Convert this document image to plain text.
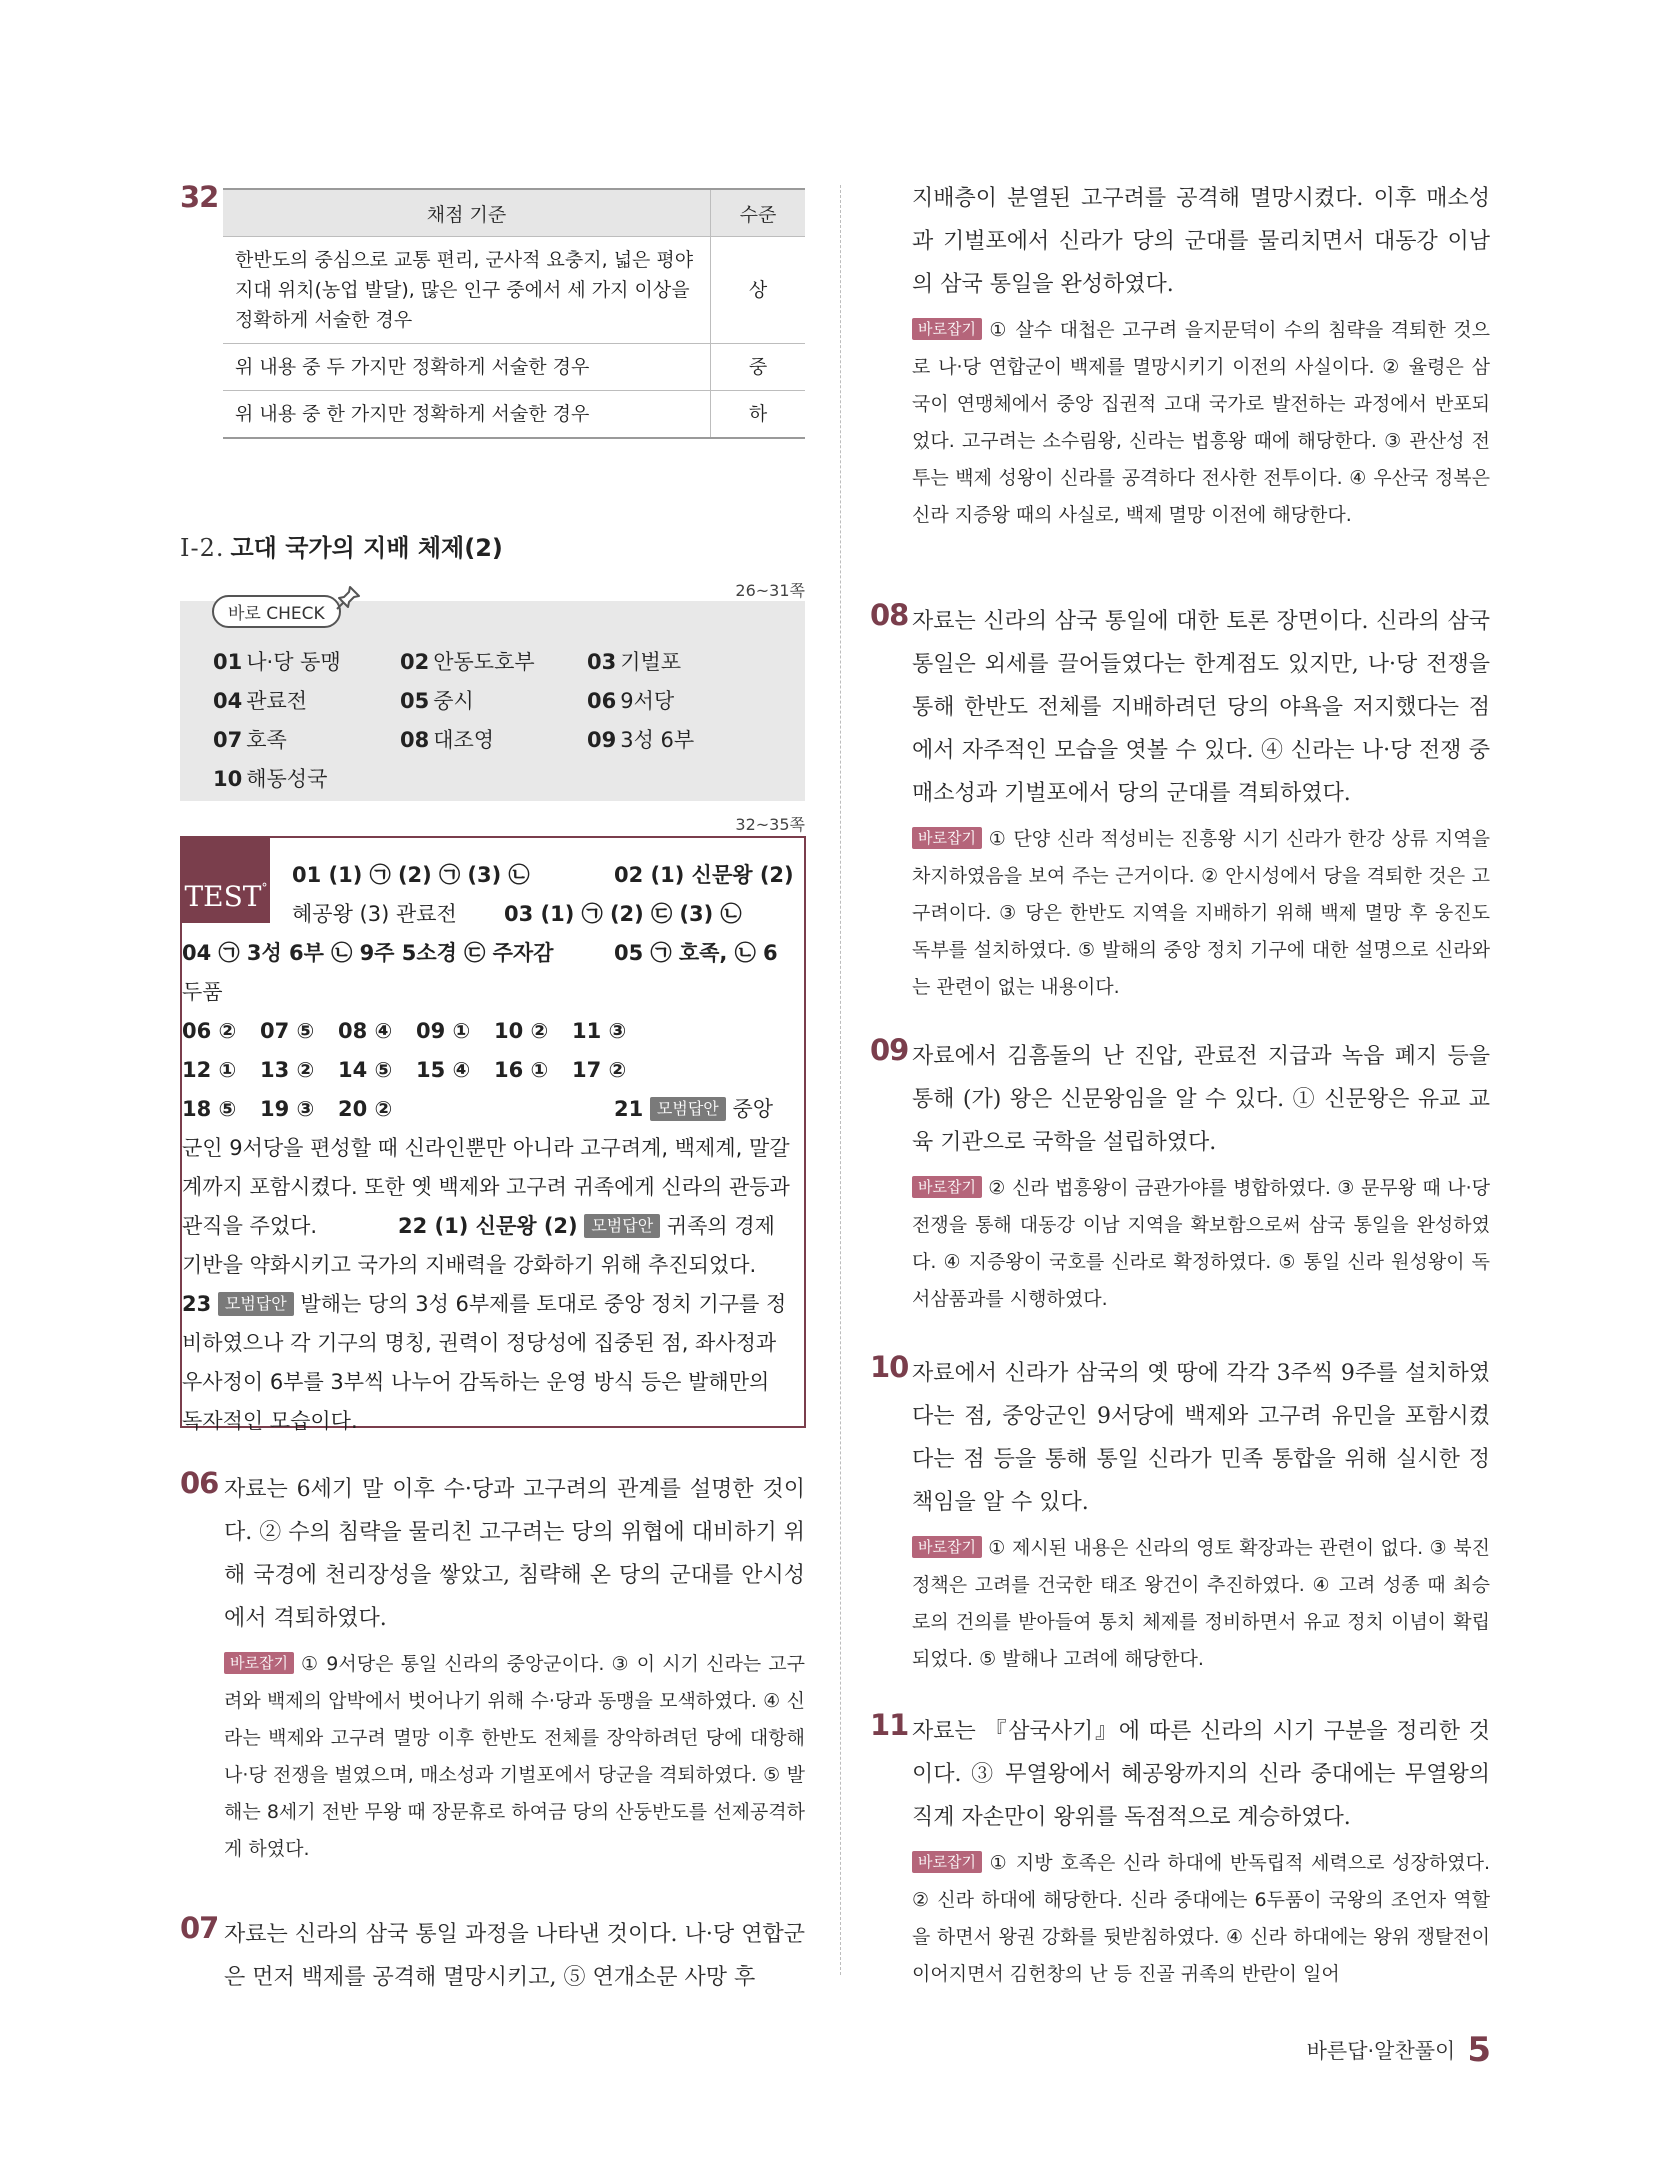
32
채점 기준	수준
한반도의 중심으로 교통 편리, 군사적 요충지, 넓은 평야 지대 위치(농업 발달), 많은 인구 중에서 세 가지 이상을 정확하게 서술한 경우	상
위 내용 중 두 가지만 정확하게 서술한 경우	중
위 내용 중 한 가지만 정확하게 서술한 경우	하
Ⅰ-2. 고대 국가의 지배 체제(2)
26~31쪽
바로 CHECK
01 나·당 동맹	02 안동도호부	03 기벌포
04 관료전	05 중시	06 9서당
07 호족	08 대조영	09 3성 6부
10 해동성국
32~35쪽
TEST°
01 (1) ㉠ (2) ㉠ (3) ㉡	02 (1) 신문왕 (2)
혜공왕 (3) 관료전 03 (1) ㉠ (2) ㉢ (3) ㉡
04 ㉠ 3성 6부 ㉡ 9주 5소경 ㉢ 주자감	05 ㉠ 호족, ㉡ 6
두품
06 ② 07 ⑤ 08 ④ 09 ① 10 ② 11 ③
12 ① 13 ② 14 ⑤ 15 ④ 16 ① 17 ②
18 ⑤ 19 ③ 20 ②	21 모범답안 중앙
군인 9서당을 편성할 때 신라인뿐만 아니라 고구려계, 백제계, 말갈
계까지 포함시켰다. 또한 옛 백제와 고구려 귀족에게 신라의 관등과
관직을 주었다.	22 (1) 신문왕 (2) 모범답안 귀족의 경제
기반을 약화시키고 국가의 지배력을 강화하기 위해 추진되었다.
23 모범답안 발해는 당의 3성 6부제를 토대로 중앙 정치 기구를 정
비하였으나 각 기구의 명칭, 권력이 정당성에 집중된 점, 좌사정과
우사정이 6부를 3부씩 나누어 감독하는 운영 방식 등은 발해만의
독자적인 모습이다.
06 자료는 6세기 말 이후 수·당과 고구려의 관계를 설명한 것이다. ② 수의 침략을 물리친 고구려는 당의 위협에 대비하기 위해 국경에 천리장성을 쌓았고, 침략해 온 당의 군대를 안시성에서 격퇴하였다.
바로잡기 ① 9서당은 통일 신라의 중앙군이다. ③ 이 시기 신라는 고구려와 백제의 압박에서 벗어나기 위해 수·당과 동맹을 모색하였다. ④ 신라는 백제와 고구려 멸망 이후 한반도 전체를 장악하려던 당에 대항해 나·당 전쟁을 벌였으며, 매소성과 기벌포에서 당군을 격퇴하였다. ⑤ 발해는 8세기 전반 무왕 때 장문휴로 하여금 당의 산둥반도를 선제공격하게 하였다.
07 자료는 신라의 삼국 통일 과정을 나타낸 것이다. 나·당 연합군은 먼저 백제를 공격해 멸망시키고, ⑤ 연개소문 사망 후
지배층이 분열된 고구려를 공격해 멸망시켰다. 이후 매소성과 기벌포에서 신라가 당의 군대를 물리치면서 대동강 이남의 삼국 통일을 완성하였다.
바로잡기 ① 살수 대첩은 고구려 을지문덕이 수의 침략을 격퇴한 것으로 나·당 연합군이 백제를 멸망시키기 이전의 사실이다. ② 율령은 삼국이 연맹체에서 중앙 집권적 고대 국가로 발전하는 과정에서 반포되었다. 고구려는 소수림왕, 신라는 법흥왕 때에 해당한다. ③ 관산성 전투는 백제 성왕이 신라를 공격하다 전사한 전투이다. ④ 우산국 정복은 신라 지증왕 때의 사실로, 백제 멸망 이전에 해당한다.
08 자료는 신라의 삼국 통일에 대한 토론 장면이다. 신라의 삼국 통일은 외세를 끌어들였다는 한계점도 있지만, 나·당 전쟁을 통해 한반도 전체를 지배하려던 당의 야욕을 저지했다는 점에서 자주적인 모습을 엿볼 수 있다. ④ 신라는 나·당 전쟁 중 매소성과 기벌포에서 당의 군대를 격퇴하였다.
바로잡기 ① 단양 신라 적성비는 진흥왕 시기 신라가 한강 상류 지역을 차지하였음을 보여 주는 근거이다. ② 안시성에서 당을 격퇴한 것은 고구려이다. ③ 당은 한반도 지역을 지배하기 위해 백제 멸망 후 웅진도독부를 설치하였다. ⑤ 발해의 중앙 정치 기구에 대한 설명으로 신라와는 관련이 없는 내용이다.
09 자료에서 김흠돌의 난 진압, 관료전 지급과 녹읍 폐지 등을 통해 (가) 왕은 신문왕임을 알 수 있다. ① 신문왕은 유교 교육 기관으로 국학을 설립하였다.
바로잡기 ② 신라 법흥왕이 금관가야를 병합하였다. ③ 문무왕 때 나·당 전쟁을 통해 대동강 이남 지역을 확보함으로써 삼국 통일을 완성하였다. ④ 지증왕이 국호를 신라로 확정하였다. ⑤ 통일 신라 원성왕이 독서삼품과를 시행하였다.
10 자료에서 신라가 삼국의 옛 땅에 각각 3주씩 9주를 설치하였다는 점, 중앙군인 9서당에 백제와 고구려 유민을 포함시켰다는 점 등을 통해 통일 신라가 민족 통합을 위해 실시한 정책임을 알 수 있다.
바로잡기 ① 제시된 내용은 신라의 영토 확장과는 관련이 없다. ③ 북진 정책은 고려를 건국한 태조 왕건이 추진하였다. ④ 고려 성종 때 최승로의 건의를 받아들여 통치 체제를 정비하면서 유교 정치 이념이 확립되었다. ⑤ 발해나 고려에 해당한다.
11 자료는 『삼국사기』에 따른 신라의 시기 구분을 정리한 것이다. ③ 무열왕에서 혜공왕까지의 신라 중대에는 무열왕의 직계 자손만이 왕위를 독점적으로 계승하였다.
바로잡기 ① 지방 호족은 신라 하대에 반독립적 세력으로 성장하였다. ② 신라 하대에 해당한다. 신라 중대에는 6두품이 국왕의 조언자 역할을 하면서 왕권 강화를 뒷받침하였다. ④ 신라 하대에는 왕위 쟁탈전이 이어지면서 김헌창의 난 등 진골 귀족의 반란이 일어
바른답·알찬풀이 5
